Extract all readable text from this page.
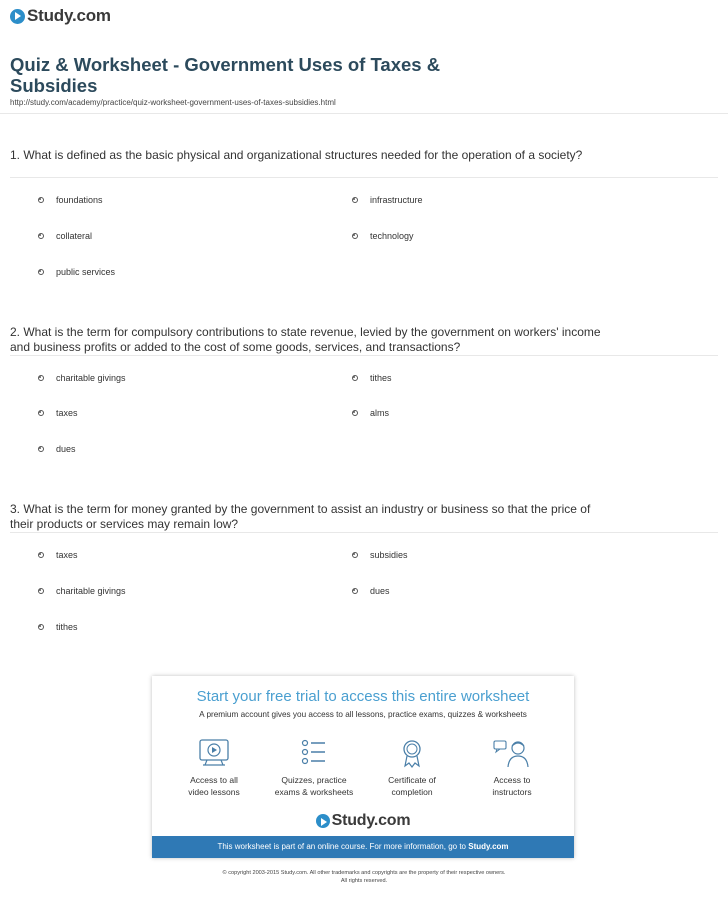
Study.com
Quiz & Worksheet - Government Uses of Taxes & Subsidies
http://study.com/academy/practice/quiz-worksheet-government-uses-of-taxes-subsidies.html
1. What is defined as the basic physical and organizational structures needed for the operation of a society?
foundations	infrastructure
collateral	technology
public services
2. What is the term for compulsory contributions to state revenue, levied by the government on workers' income and business profits or added to the cost of some goods, services, and transactions?
charitable givings	tithes
taxes	alms
dues
3. What is the term for money granted by the government to assist an industry or business so that the price of their products or services may remain low?
taxes	subsidies
charitable givings	dues
tithes
Start your free trial to access this entire worksheet
A premium account gives you access to all lessons, practice exams, quizzes & worksheets
Access to all
video lessons
Quizzes, practice
exams & worksheets
Certificate of
completion
Access to
instructors
Study.com
This worksheet is part of an online course. For more information, go to Study.com
© copyright 2003-2015 Study.com. All other trademarks and copyrights are the property of their respective owners.
All rights reserved.
